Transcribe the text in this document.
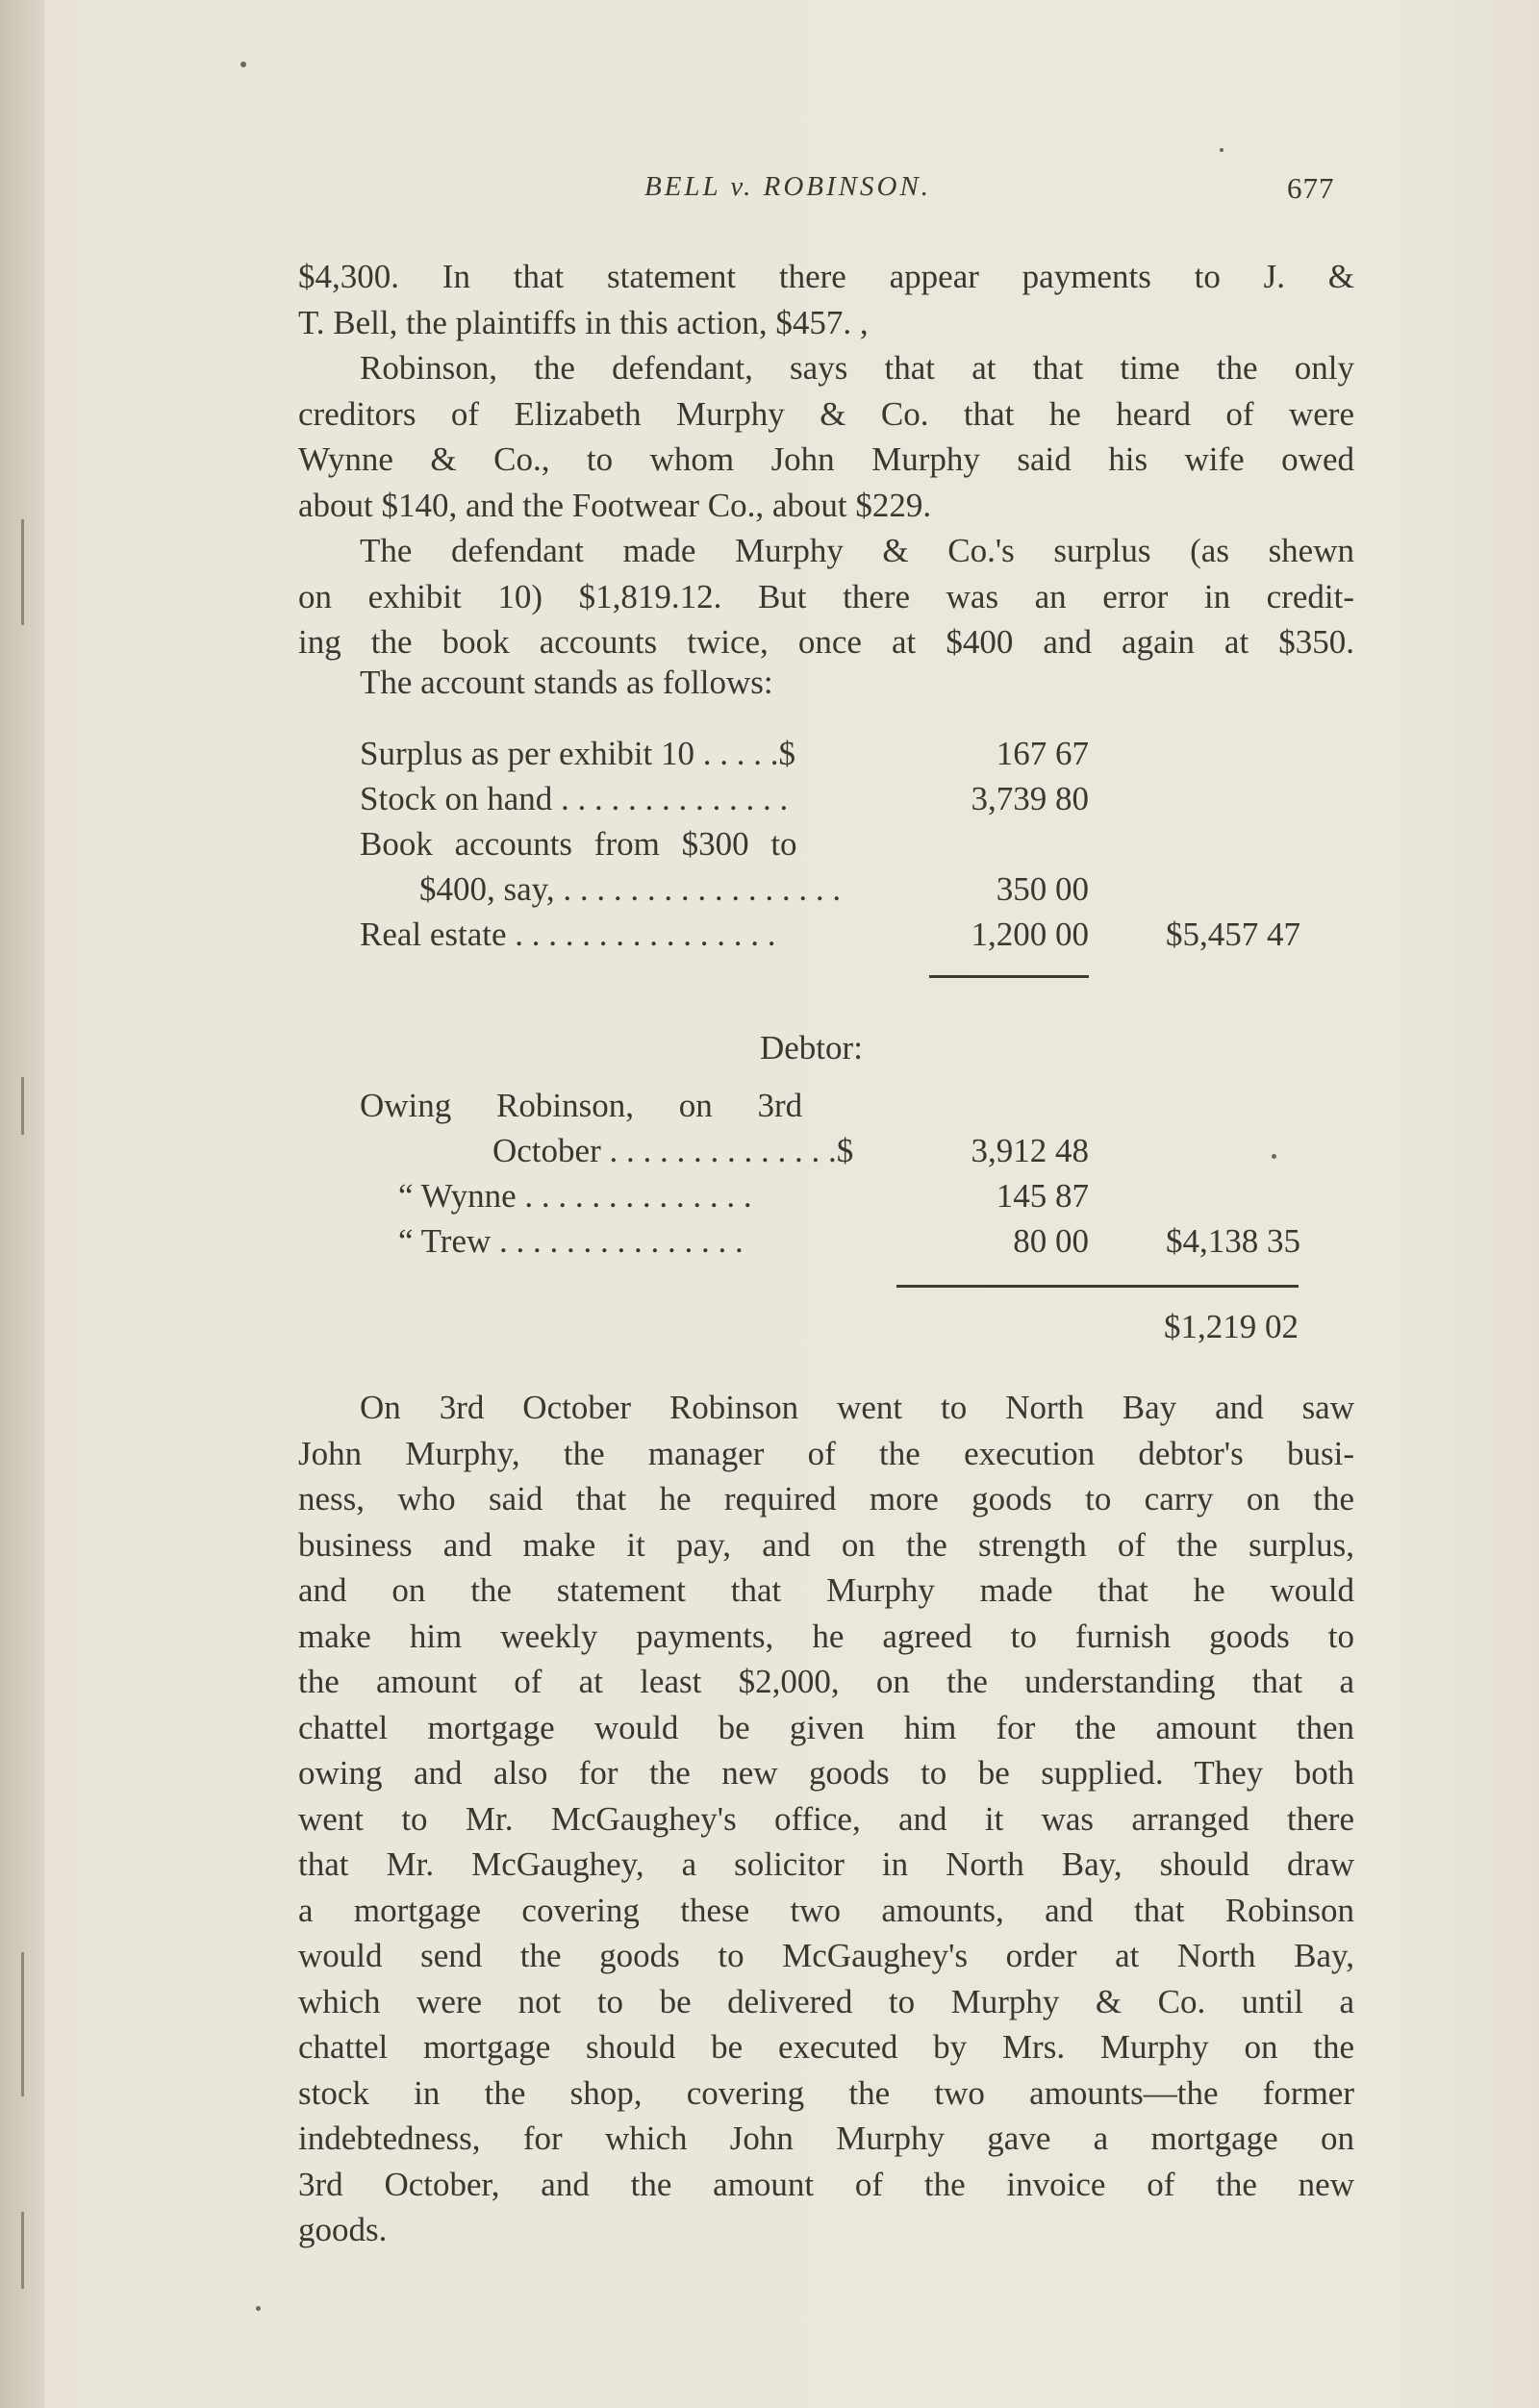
BELL v. ROBINSON.	677
$4,300. In that statement there appear payments to J. &
T. Bell, the plaintiffs in this action, $457. ,
Robinson, the defendant, says that at that time the only
creditors of Elizabeth Murphy & Co. that he heard of were
Wynne & Co., to whom John Murphy said his wife owed
about $140, and the Footwear Co., about $229.
The defendant made Murphy & Co.'s surplus (as shewn
on exhibit 10) $1,819.12. But there was an error in credit-
ing the book accounts twice, once at $400 and again at $350.

The account stands as follows:

Surplus as per exhibit 10 . . . . .$	167 67
Stock on hand . . . . . . . . . . . . . .	3,739 80
Book accounts from $300 to
$400, say, . . . . . . . . . . . . . . . . .	350 00
Real estate . . . . . . . . . . . . . . . .	1,200 00	$5,457 47

Debtor:

Owing Robinson, on 3rd
October . . . . . . . . . . . . . .$	3,912 48
“ Wynne . . . . . . . . . . . . . .	145 87
“ Trew . . . . . . . . . . . . . . .	80 00	$4,138 35
$1,219 02
On 3rd October Robinson went to North Bay and saw
John Murphy, the manager of the execution debtor's busi-
ness, who said that he required more goods to carry on the
business and make it pay, and on the strength of the surplus,
and on the statement that Murphy made that he would
make him weekly payments, he agreed to furnish goods to
the amount of at least $2,000, on the understanding that a
chattel mortgage would be given him for the amount then
owing and also for the new goods to be supplied. They both
went to Mr. McGaughey's office, and it was arranged there
that Mr. McGaughey, a solicitor in North Bay, should draw
a mortgage covering these two amounts, and that Robinson
would send the goods to McGaughey's order at North Bay,
which were not to be delivered to Murphy & Co. until a
chattel mortgage should be executed by Mrs. Murphy on the
stock in the shop, covering the two amounts—the former
indebtedness, for which John Murphy gave a mortgage on
3rd October, and the amount of the invoice of the new
goods.
